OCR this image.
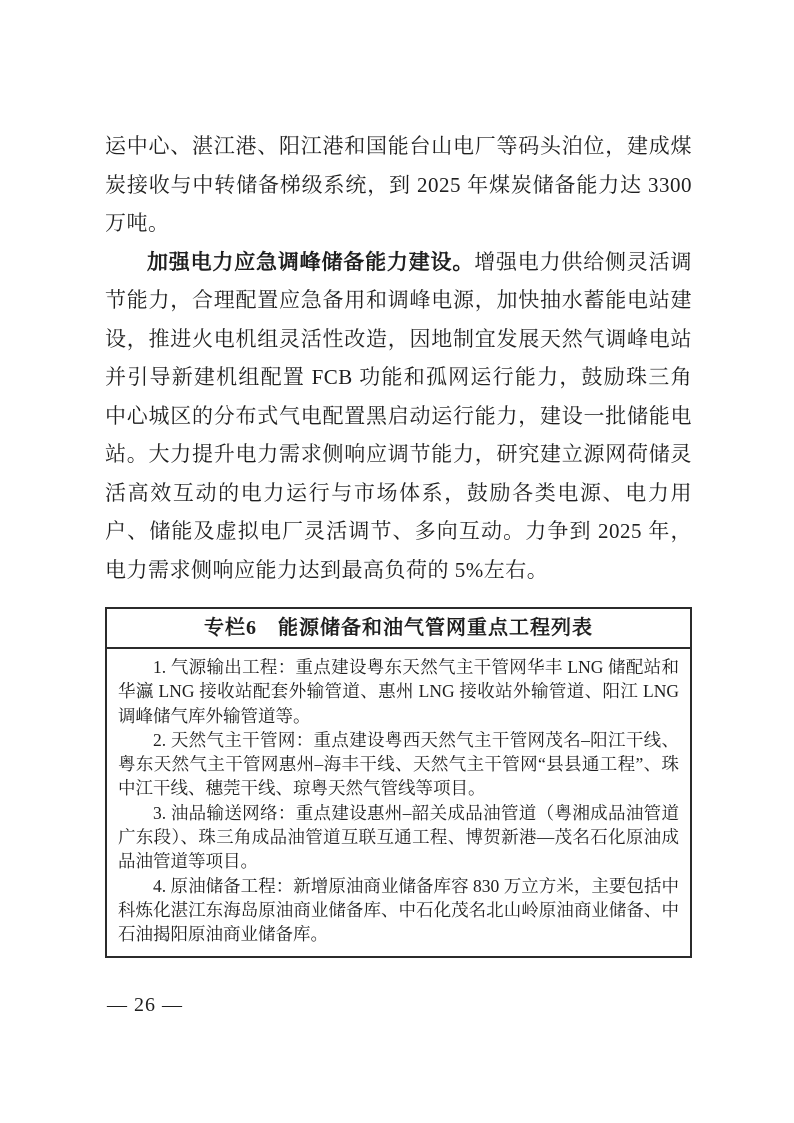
运中心、湛江港、阳江港和国能台山电厂等码头泊位，建成煤炭接收与中转储备梯级系统，到 2025 年煤炭储备能力达 3300 万吨。

加强电力应急调峰储备能力建设。增强电力供给侧灵活调节能力，合理配置应急备用和调峰电源，加快抽水蓄能电站建设，推进火电机组灵活性改造，因地制宜发展天然气调峰电站并引导新建机组配置 FCB 功能和孤网运行能力，鼓励珠三角中心城区的分布式气电配置黑启动运行能力，建设一批储能电站。大力提升电力需求侧响应调节能力，研究建立源网荷储灵活高效互动的电力运行与市场体系，鼓励各类电源、电力用户、储能及虚拟电厂灵活调节、多向互动。力争到 2025 年，电力需求侧响应能力达到最高负荷的 5%左右。

专栏6　能源储备和油气管网重点工程列表

1. 气源输出工程：重点建设粤东天然气主干管网华丰 LNG 储配站和华瀛 LNG 接收站配套外输管道、惠州 LNG 接收站外输管道、阳江 LNG 调峰储气库外输管道等。

2. 天然气主干管网：重点建设粤西天然气主干管网茂名–阳江干线、粤东天然气主干管网惠州–海丰干线、天然气主干管网“县县通工程”、珠中江干线、穗莞干线、琼粤天然气管线等项目。

3. 油品输送网络：重点建设惠州–韶关成品油管道（粤湘成品油管道广东段）、珠三角成品油管道互联互通工程、博贺新港—茂名石化原油成品油管道等项目。

4. 原油储备工程：新增原油商业储备库容 830 万立方米，主要包括中科炼化湛江东海岛原油商业储备库、中石化茂名北山岭原油商业储备、中石油揭阳原油商业储备库。

— 26 —
